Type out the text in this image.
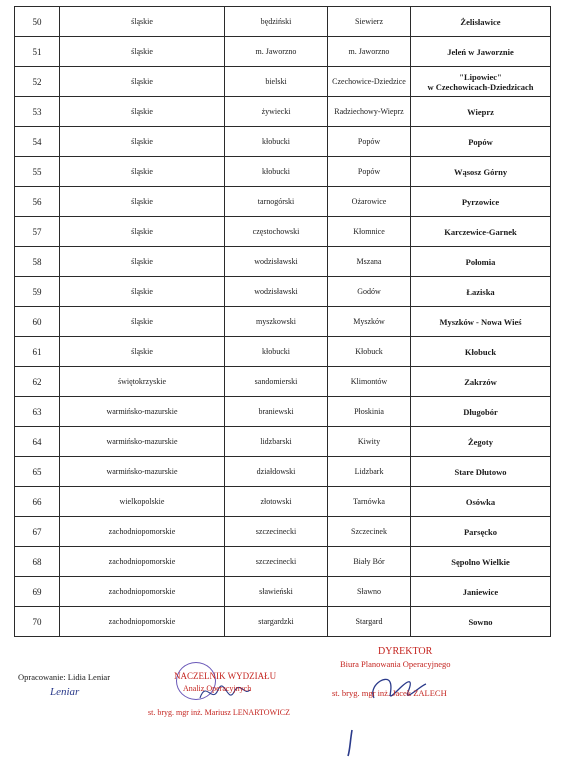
50	śląskie	będziński	Siewierz	Żelisławice
51	śląskie	m. Jaworzno	m. Jaworzno	Jeleń w Jaworznie
52	śląskie	bielski	Czechowice-Dziedzice	"Lipowiec"
w Czechowicach-Dziedzicach

53	śląskie	żywiecki	Radziechowy-Wieprz	Wieprz
54	śląskie	kłobucki	Popów	Popów
55	śląskie	kłobucki	Popów	Wąsosz Górny
56	śląskie	tarnogórski	Ożarowice	Pyrzowice
57	śląskie	częstochowski	Kłomnice	Karczewice-Garnek
58	śląskie	wodzisławski	Mszana	Połomia
59	śląskie	wodzisławski	Godów	Łaziska
60	śląskie	myszkowski	Myszków	Myszków - Nowa Wieś
61	śląskie	kłobucki	Kłobuck	Kłobuck
62	świętokrzyskie	sandomierski	Klimontów	Zakrzów
63	warmińsko-mazurskie	braniewski	Płoskinia	Długobór
64	warmińsko-mazurskie	lidzbarski	Kiwity	Żegoty
65	warmińsko-mazurskie	działdowski	Lidzbark	Stare Dłutowo
66	wielkopolskie	złotowski	Tarnówka	Osówka
67	zachodniopomorskie	szczecinecki	Szczecinek	Parsęcko
68	zachodniopomorskie	szczecinecki	Biały Bór	Sępolno Wielkie
69	zachodniopomorskie	sławieński	Sławno	Janiewice
70	zachodniopomorskie	stargardzki	Stargard	Sowno
Opracowanie: Lidia Leniar
Leniar
NACZELNIK WYDZIAŁU
Analiz Operacyjnych
st. bryg. mgr inż. Mariusz LENARTOWICZ
DYREKTOR
Biura Planowania Operacyjnego
st. bryg. mgr inż. Jacek ZALECH
